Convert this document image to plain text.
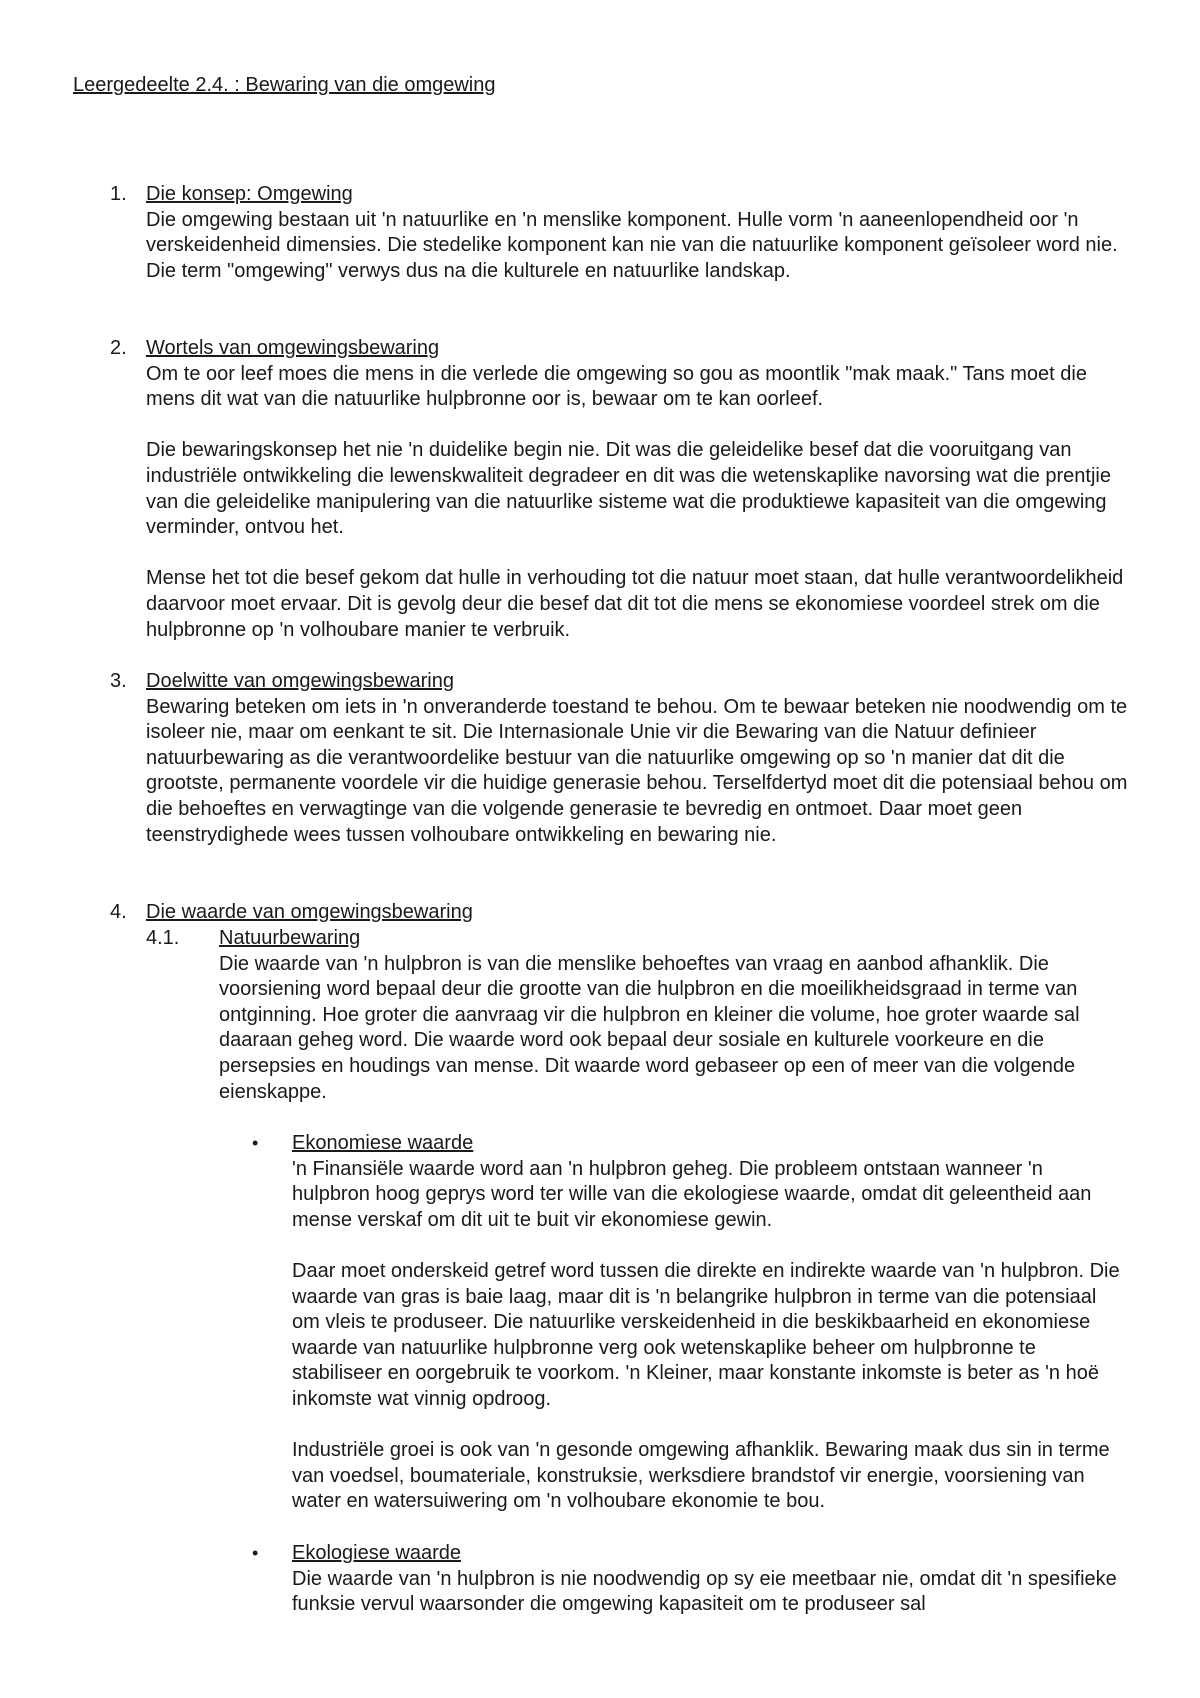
Leergedeelte 2.4. : Bewaring van die omgewing
1. Die konsep: Omgewing

Die omgewing bestaan uit 'n natuurlike en 'n menslike komponent. Hulle vorm 'n aaneenlopendheid oor 'n verskeidenheid dimensies. Die stedelike komponent kan nie van die natuurlike komponent geïsoleer word nie. Die term "omgewing" verwys dus na die kulturele en natuurlike landskap.

2. Wortels van omgewingsbewaring

Om te oor leef moes die mens in die verlede die omgewing so gou as moontlik "mak maak." Tans moet die mens dit wat van die natuurlike hulpbronne oor is, bewaar om te kan oorleef.

Die bewaringskonsep het nie 'n duidelike begin nie. Dit was die geleidelike besef dat die vooruitgang van industriële ontwikkeling die lewenskwaliteit degradeer en dit was die wetenskaplike navorsing wat die prentjie van die geleidelike manipulering van die natuurlike sisteme wat die produktiewe kapasiteit van die omgewing verminder, ontvou het.

Mense het tot die besef gekom dat hulle in verhouding tot die natuur moet staan, dat hulle verantwoordelikheid daarvoor moet ervaar. Dit is gevolg deur die besef dat dit tot die mens se ekonomiese voordeel strek om die hulpbronne op 'n volhoubare manier te verbruik.

3. Doelwitte van omgewingsbewaring

Bewaring beteken om iets in 'n onveranderde toestand te behou. Om te bewaar beteken nie noodwendig om te isoleer nie, maar om eenkant te sit. Die Internasionale Unie vir die Bewaring van die Natuur definieer natuurbewaring as die verantwoordelike bestuur van die natuurlike omgewing op so 'n manier dat dit die grootste, permanente voordele vir die huidige generasie behou. Terselfdertyd moet dit die potensiaal behou om die behoeftes en verwagtinge van die volgende generasie te bevredig en ontmoet. Daar moet geen teenstrydighede wees tussen volhoubare ontwikkeling en bewaring nie.

4. Die waarde van omgewingsbewaring

4.1. Natuurbewaring

Die waarde van 'n hulpbron is van die menslike behoeftes van vraag en aanbod afhanklik. Die voorsiening word bepaal deur die grootte van die hulpbron en die moeilikheidsgraad in terme van ontginning. Hoe groter die aanvraag vir die hulpbron en kleiner die volume, hoe groter waarde sal daaraan geheg word. Die waarde word ook bepaal deur sosiale en kulturele voorkeure en die persepsies en houdings van mense. Dit waarde word gebaseer op een of meer van die volgende eienskappe.

• Ekonomiese waarde

'n Finansiële waarde word aan 'n hulpbron geheg. Die probleem ontstaan wanneer 'n hulpbron hoog geprys word ter wille van die ekologiese waarde, omdat dit geleentheid aan mense verskaf om dit uit te buit vir ekonomiese gewin.

Daar moet onderskeid getref word tussen die direkte en indirekte waarde van 'n hulpbron. Die waarde van gras is baie laag, maar dit is 'n belangrike hulpbron in terme van die potensiaal om vleis te produseer. Die natuurlike verskeidenheid in die beskikbaarheid en ekonomiese waarde van natuurlike hulpbronne verg ook wetenskaplike beheer om hulpbronne te stabiliseer en oorgebruik te voorkom. 'n Kleiner, maar konstante inkomste is beter as 'n hoë inkomste wat vinnig opdroog.

Industriële groei is ook van 'n gesonde omgewing afhanklik. Bewaring maak dus sin in terme van voedsel, boumateriale, konstruksie, werksdiere brandstof vir energie, voorsiening van water en watersuiwering om 'n volhoubare ekonomie te bou.

• Ekologiese waarde

Die waarde van 'n hulpbron is nie noodwendig op sy eie meetbaar nie, omdat dit 'n spesifieke funksie vervul waarsonder die omgewing kapasiteit om te produseer sal
